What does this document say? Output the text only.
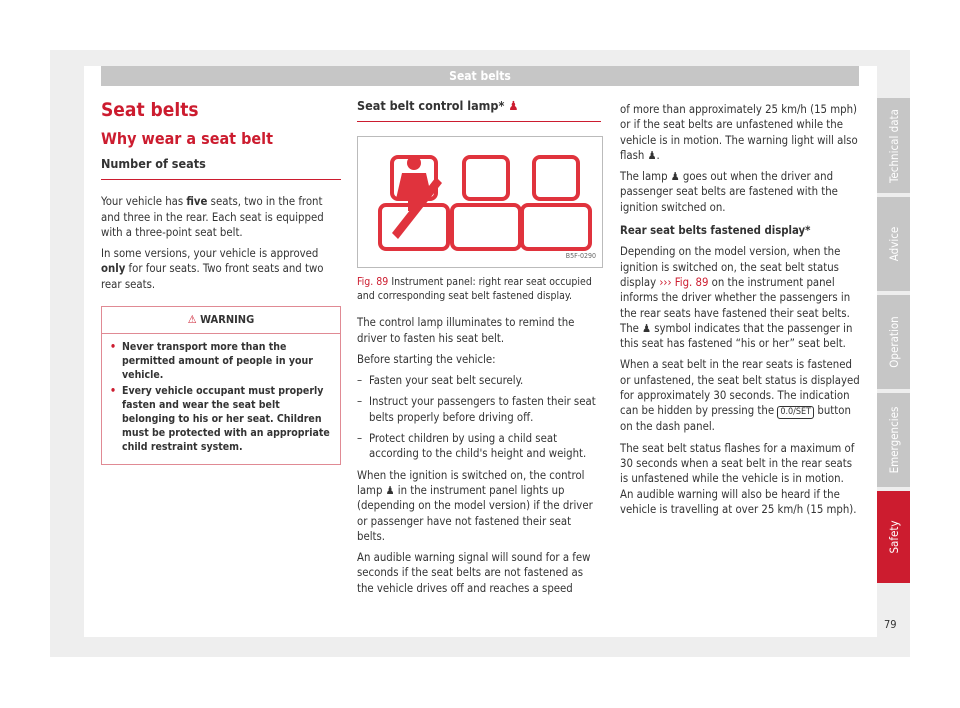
Seat belts
Seat belts
Why wear a seat belt
Number of seats

Your vehicle has five seats, two in the front and three in the rear. Each seat is equipped with a three-point seat belt.

In some versions, your vehicle is approved only for four seats. Two front seats and two rear seats.

⚠ WARNING
• Never transport more than the permitted amount of people in your vehicle.
• Every vehicle occupant must properly fasten and wear the seat belt belonging to his or her seat. Children must be protected with an appropriate child restraint system.
Seat belt control lamp* ♟
B5F-0290
Fig. 89 Instrument panel: right rear seat occupied and corresponding seat belt fastened display.

The control lamp illuminates to remind the driver to fasten his seat belt.

Before starting the vehicle:

– Fasten your seat belt securely.

– Instruct your passengers to fasten their seat belts properly before driving off.

– Protect children by using a child seat according to the child's height and weight.

When the ignition is switched on, the control lamp ♟ in the instrument panel lights up (depending on the model version) if the driver or passenger have not fastened their seat belts.

An audible warning signal will sound for a few seconds if the seat belts are not fastened as the vehicle drives off and reaches a speed

of more than approximately 25 km/h (15 mph) or if the seat belts are unfastened while the vehicle is in motion. The warning light will also flash ♟.

The lamp ♟ goes out when the driver and passenger seat belts are fastened with the ignition switched on.

Rear seat belts fastened display*

Depending on the model version, when the ignition is switched on, the seat belt status display ››› Fig. 89 on the instrument panel informs the driver whether the passengers in the rear seats have fastened their seat belts. The ♟ symbol indicates that the passenger in this seat has fastened “his or her” seat belt.

When a seat belt in the rear seats is fastened or unfastened, the seat belt status is displayed for approximately 30 seconds. The indication can be hidden by pressing the 0.0/SET button on the dash panel.

The seat belt status flashes for a maximum of 30 seconds when a seat belt in the rear seats is unfastened while the vehicle is in motion. An audible warning will also be heard if the vehicle is travelling at over 25 km/h (15 mph).

Technical data
Advice
Operation
Emergencies
Safety
79
